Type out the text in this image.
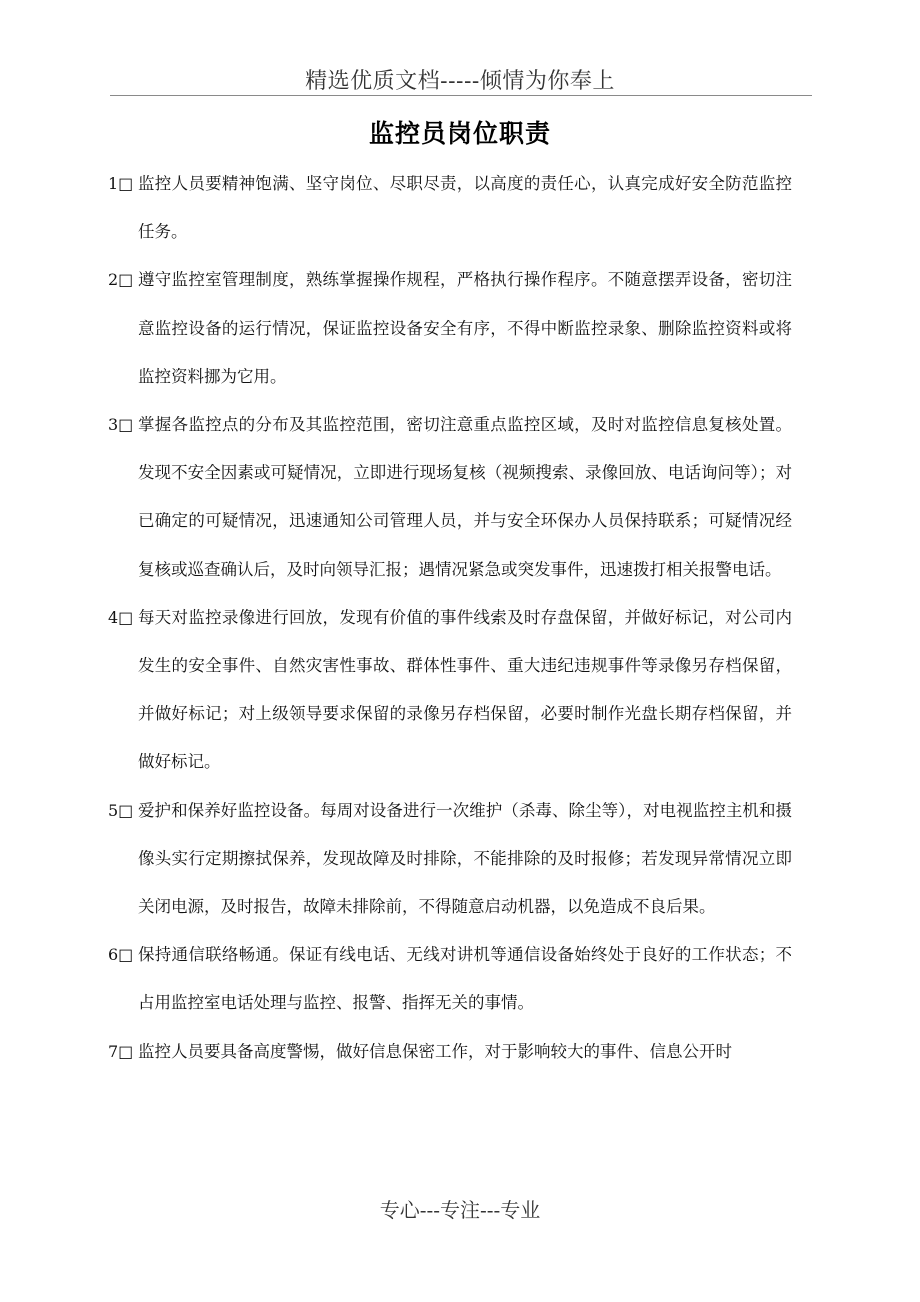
精选优质文档-----倾情为你奉上
监控员岗位职责
1□ 监控人员要精神饱满、坚守岗位、尽职尽责，以高度的责任心，认真完成好安全防范监控任务。
2□ 遵守监控室管理制度，熟练掌握操作规程，严格执行操作程序。不随意摆弄设备，密切注意监控设备的运行情况，保证监控设备安全有序，不得中断监控录象、删除监控资料或将监控资料挪为它用。
3□ 掌握各监控点的分布及其监控范围，密切注意重点监控区域，及时对监控信息复核处置。发现不安全因素或可疑情况，立即进行现场复核（视频搜索、录像回放、电话询问等）；对已确定的可疑情况，迅速通知公司管理人员，并与安全环保办人员保持联系；可疑情况经复核或巡查确认后，及时向领导汇报；遇情况紧急或突发事件，迅速拨打相关报警电话。
4□ 每天对监控录像进行回放，发现有价值的事件线索及时存盘保留，并做好标记，对公司内发生的安全事件、自然灾害性事故、群体性事件、重大违纪违规事件等录像另存档保留，并做好标记；对上级领导要求保留的录像另存档保留，必要时制作光盘长期存档保留，并做好标记。
5□ 爱护和保养好监控设备。每周对设备进行一次维护（杀毒、除尘等），对电视监控主机和摄像头实行定期擦拭保养，发现故障及时排除，不能排除的及时报修；若发现异常情况立即关闭电源，及时报告，故障未排除前，不得随意启动机器，以免造成不良后果。
6□ 保持通信联络畅通。保证有线电话、无线对讲机等通信设备始终处于良好的工作状态；不占用监控室电话处理与监控、报警、指挥无关的事情。
7□ 监控人员要具备高度警惕，做好信息保密工作，对于影响较大的事件、信息公开时
专心---专注---专业
